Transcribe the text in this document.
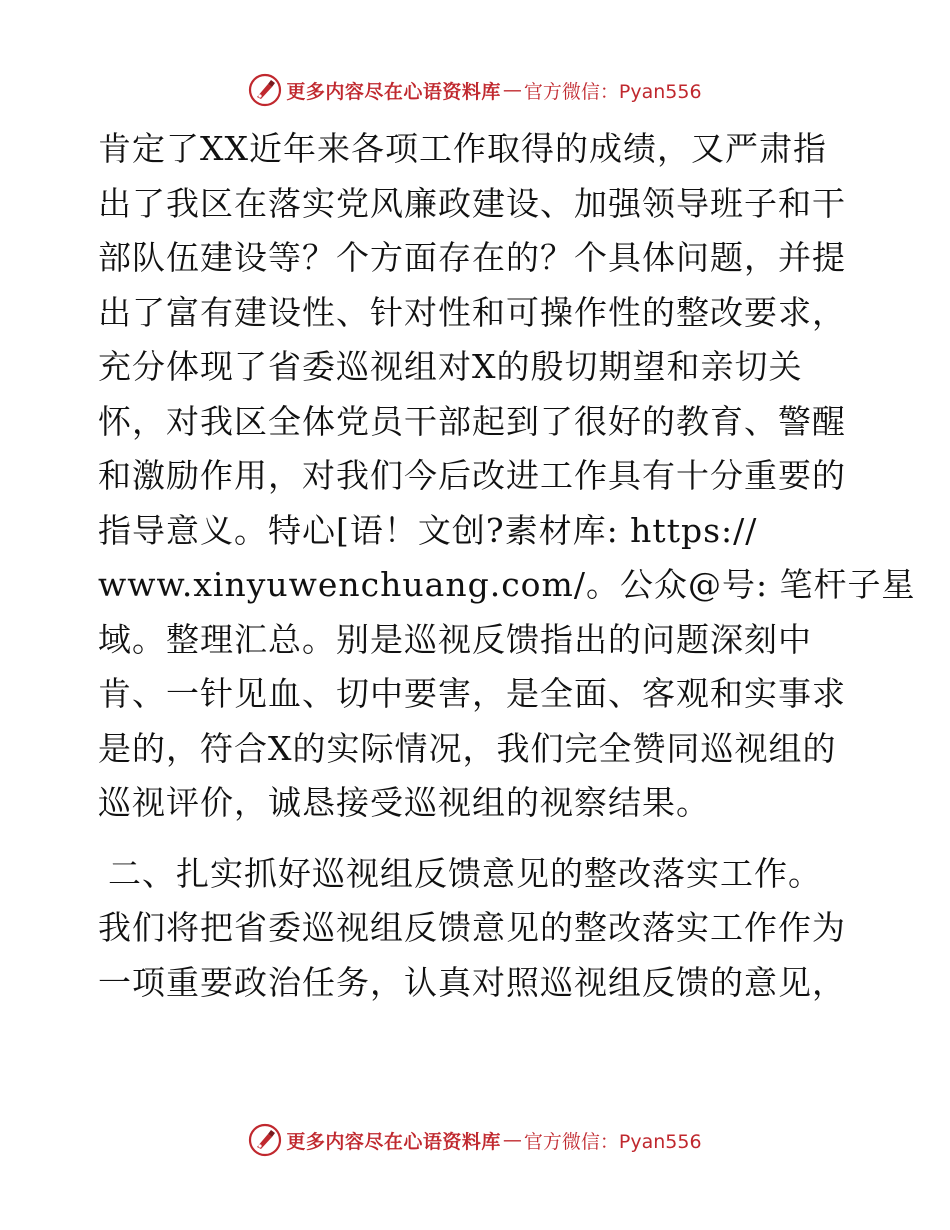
更多内容尽在心语资料库 — 官方微信：Pyan556
肯定了XX近年来各项工作取得的成绩，又严肃指
出了我区在落实党风廉政建设、加强领导班子和干
部队伍建设等？个方面存在的？个具体问题，并提
出了富有建设性、针对性和可操作性的整改要求，
充分体现了省委巡视组对X的殷切期望和亲切关
怀，对我区全体党员干部起到了很好的教育、警醒
和激励作用，对我们今后改进工作具有十分重要的
指导意义。特心[语！文创?素材库: https://
www.xinyuwenchuang.com/。公众@号: 笔杆子星
域。整理汇总。别是巡视反馈指出的问题深刻中
肯、一针见血、切中要害，是全面、客观和实事求
是的，符合X的实际情况，我们完全赞同巡视组的
巡视评价，诚恳接受巡视组的视察结果。
二、扎实抓好巡视组反馈意见的整改落实工作。
我们将把省委巡视组反馈意见的整改落实工作作为
一项重要政治任务，认真对照巡视组反馈的意见，
更多内容尽在心语资料库 — 官方微信：Pyan556
